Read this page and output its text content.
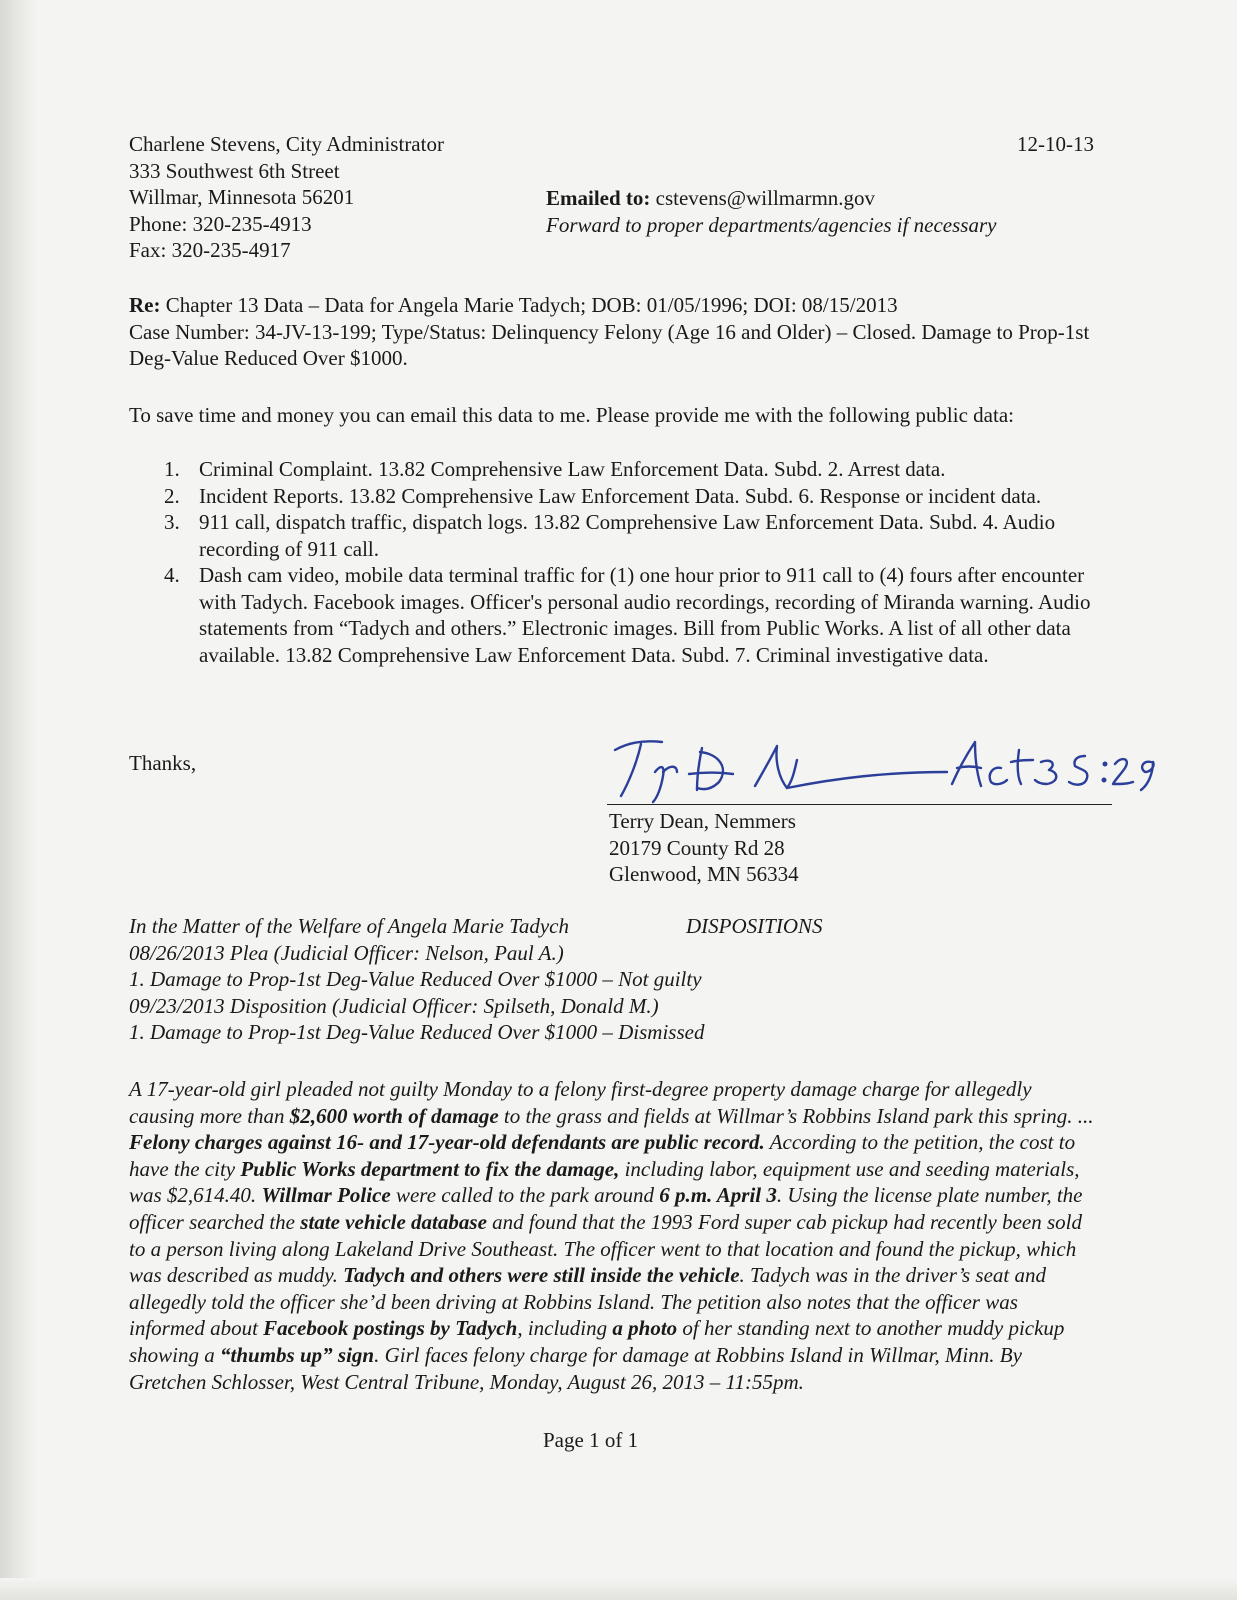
Charlene Stevens, City Administrator
333 Southwest 6th Street
Willmar, Minnesota 56201
Phone: 320-235-4913
Fax: 320-235-4917
12-10-13
Emailed to: cstevens@willmarmn.gov
Forward to proper departments/agencies if necessary

Re: Chapter 13 Data – Data for Angela Marie Tadych; DOB: 01/05/1996; DOI: 08/15/2013

Case Number: 34-JV-13-199; Type/Status: Delinquency Felony (Age 16 and Older) – Closed. Damage to Prop-1st Deg-Value Reduced Over $1000.

To save time and money you can email this data to me. Please provide me with the following public data:
1. Criminal Complaint. 13.82 Comprehensive Law Enforcement Data. Subd. 2. Arrest data.
2. Incident Reports. 13.82 Comprehensive Law Enforcement Data. Subd. 6. Response or incident data.
3. 911 call, dispatch traffic, dispatch logs. 13.82 Comprehensive Law Enforcement Data. Subd. 4. Audio recording of 911 call.
4. Dash cam video, mobile data terminal traffic for (1) one hour prior to 911 call to (4) fours after encounter with Tadych. Facebook images. Officer's personal audio recordings, recording of Miranda warning. Audio statements from “Tadych and others.” Electronic images. Bill from Public Works. A list of all other data available. 13.82 Comprehensive Law Enforcement Data. Subd. 7. Criminal investigative data.
Thanks,
Terry Dean, Nemmers
20179 County Rd 28
Glenwood, MN 56334
In the Matter of the Welfare of Angela Marie Tadych	DISPOSITIONS
08/26/2013 Plea (Judicial Officer: Nelson, Paul A.)
1. Damage to Prop-1st Deg-Value Reduced Over $1000 – Not guilty
09/23/2013 Disposition (Judicial Officer: Spilseth, Donald M.)
1. Damage to Prop-1st Deg-Value Reduced Over $1000 – Dismissed

A 17-year-old girl pleaded not guilty Monday to a felony first-degree property damage charge for allegedly causing more than $2,600 worth of damage to the grass and fields at Willmar’s Robbins Island park this spring. ... Felony charges against 16- and 17-year-old defendants are public record. According to the petition, the cost to have the city Public Works department to fix the damage, including labor, equipment use and seeding materials, was $2,614.40. Willmar Police were called to the park around 6 p.m. April 3. Using the license plate number, the officer searched the state vehicle database and found that the 1993 Ford super cab pickup had recently been sold to a person living along Lakeland Drive Southeast. The officer went to that location and found the pickup, which was described as muddy. Tadych and others were still inside the vehicle. Tadych was in the driver’s seat and allegedly told the officer she’d been driving at Robbins Island. The petition also notes that the officer was informed about Facebook postings by Tadych, including a photo of her standing next to another muddy pickup showing a “thumbs up” sign. Girl faces felony charge for damage at Robbins Island in Willmar, Minn. By Gretchen Schlosser, West Central Tribune, Monday, August 26, 2013 – 11:55pm.

Page 1 of 1
